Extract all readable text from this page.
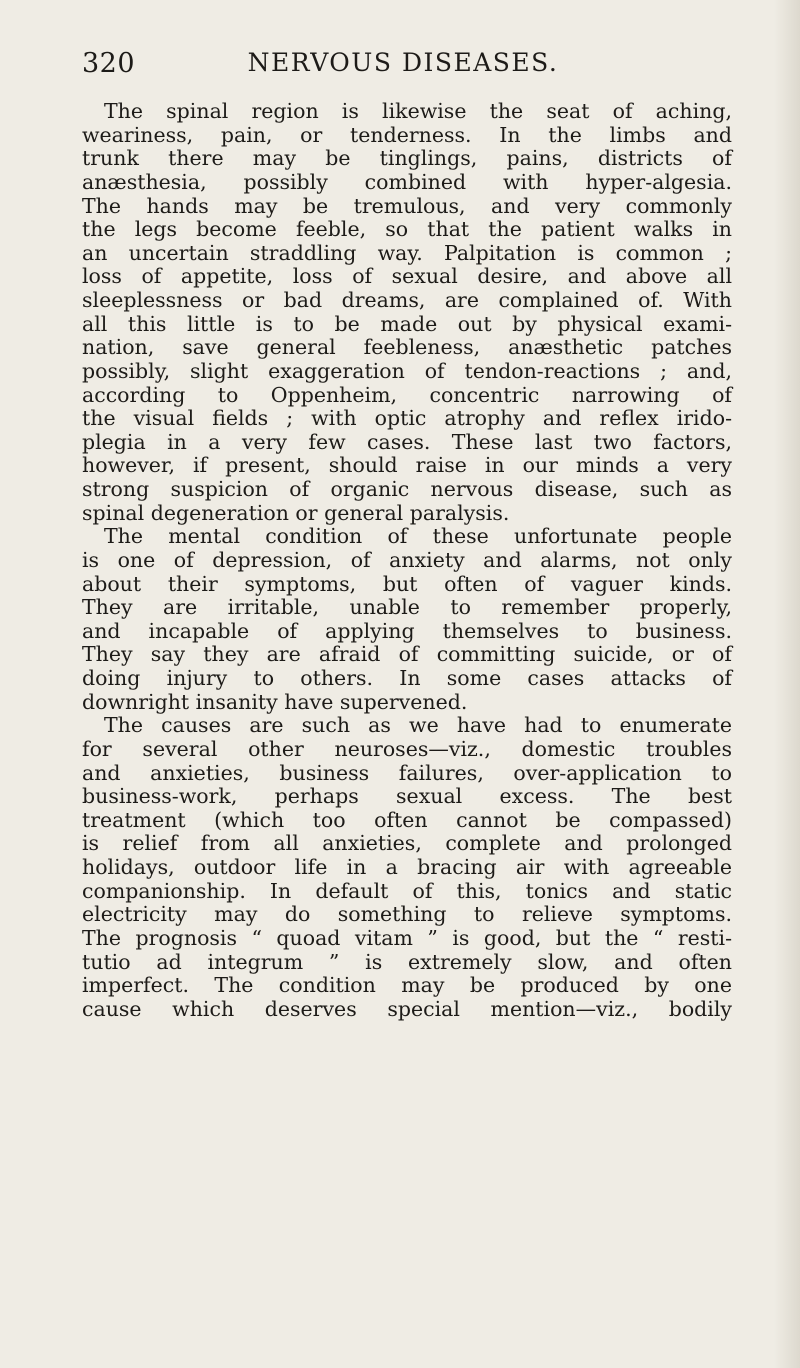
320	NERVOUS DISEASES.
The spinal region is likewise the seat of aching,
weariness, pain, or tenderness. In the limbs and
trunk there may be tinglings, pains, districts of
anæsthesia, possibly combined with hyper-algesia.
The hands may be tremulous, and very commonly
the legs become feeble, so that the patient walks in
an uncertain straddling way. Palpitation is common ;
loss of appetite, loss of sexual desire, and above all
sleeplessness or bad dreams, are complained of. With
all this little is to be made out by physical exami-
nation, save general feebleness, anæsthetic patches
possibly, slight exaggeration of tendon-reactions ; and,
according to Oppenheim, concentric narrowing of
the visual fields ; with optic atrophy and reflex irido-
plegia in a very few cases. These last two factors,
however, if present, should raise in our minds a very
strong suspicion of organic nervous disease, such as
spinal degeneration or general paralysis.
The mental condition of these unfortunate people
is one of depression, of anxiety and alarms, not only
about their symptoms, but often of vaguer kinds.
They are irritable, unable to remember properly,
and incapable of applying themselves to business.
They say they are afraid of committing suicide, or of
doing injury to others. In some cases attacks of
downright insanity have supervened.
The causes are such as we have had to enumerate
for several other neuroses—viz., domestic troubles
and anxieties, business failures, over-application to
business-work, perhaps sexual excess. The best
treatment (which too often cannot be compassed)
is relief from all anxieties, complete and prolonged
holidays, outdoor life in a bracing air with agreeable
companionship. In default of this, tonics and static
electricity may do something to relieve symptoms.
The prognosis “ quoad vitam ” is good, but the “ resti-
tutio ad integrum ” is extremely slow, and often
imperfect. The condition may be produced by one
cause which deserves special mention—viz., bodily
